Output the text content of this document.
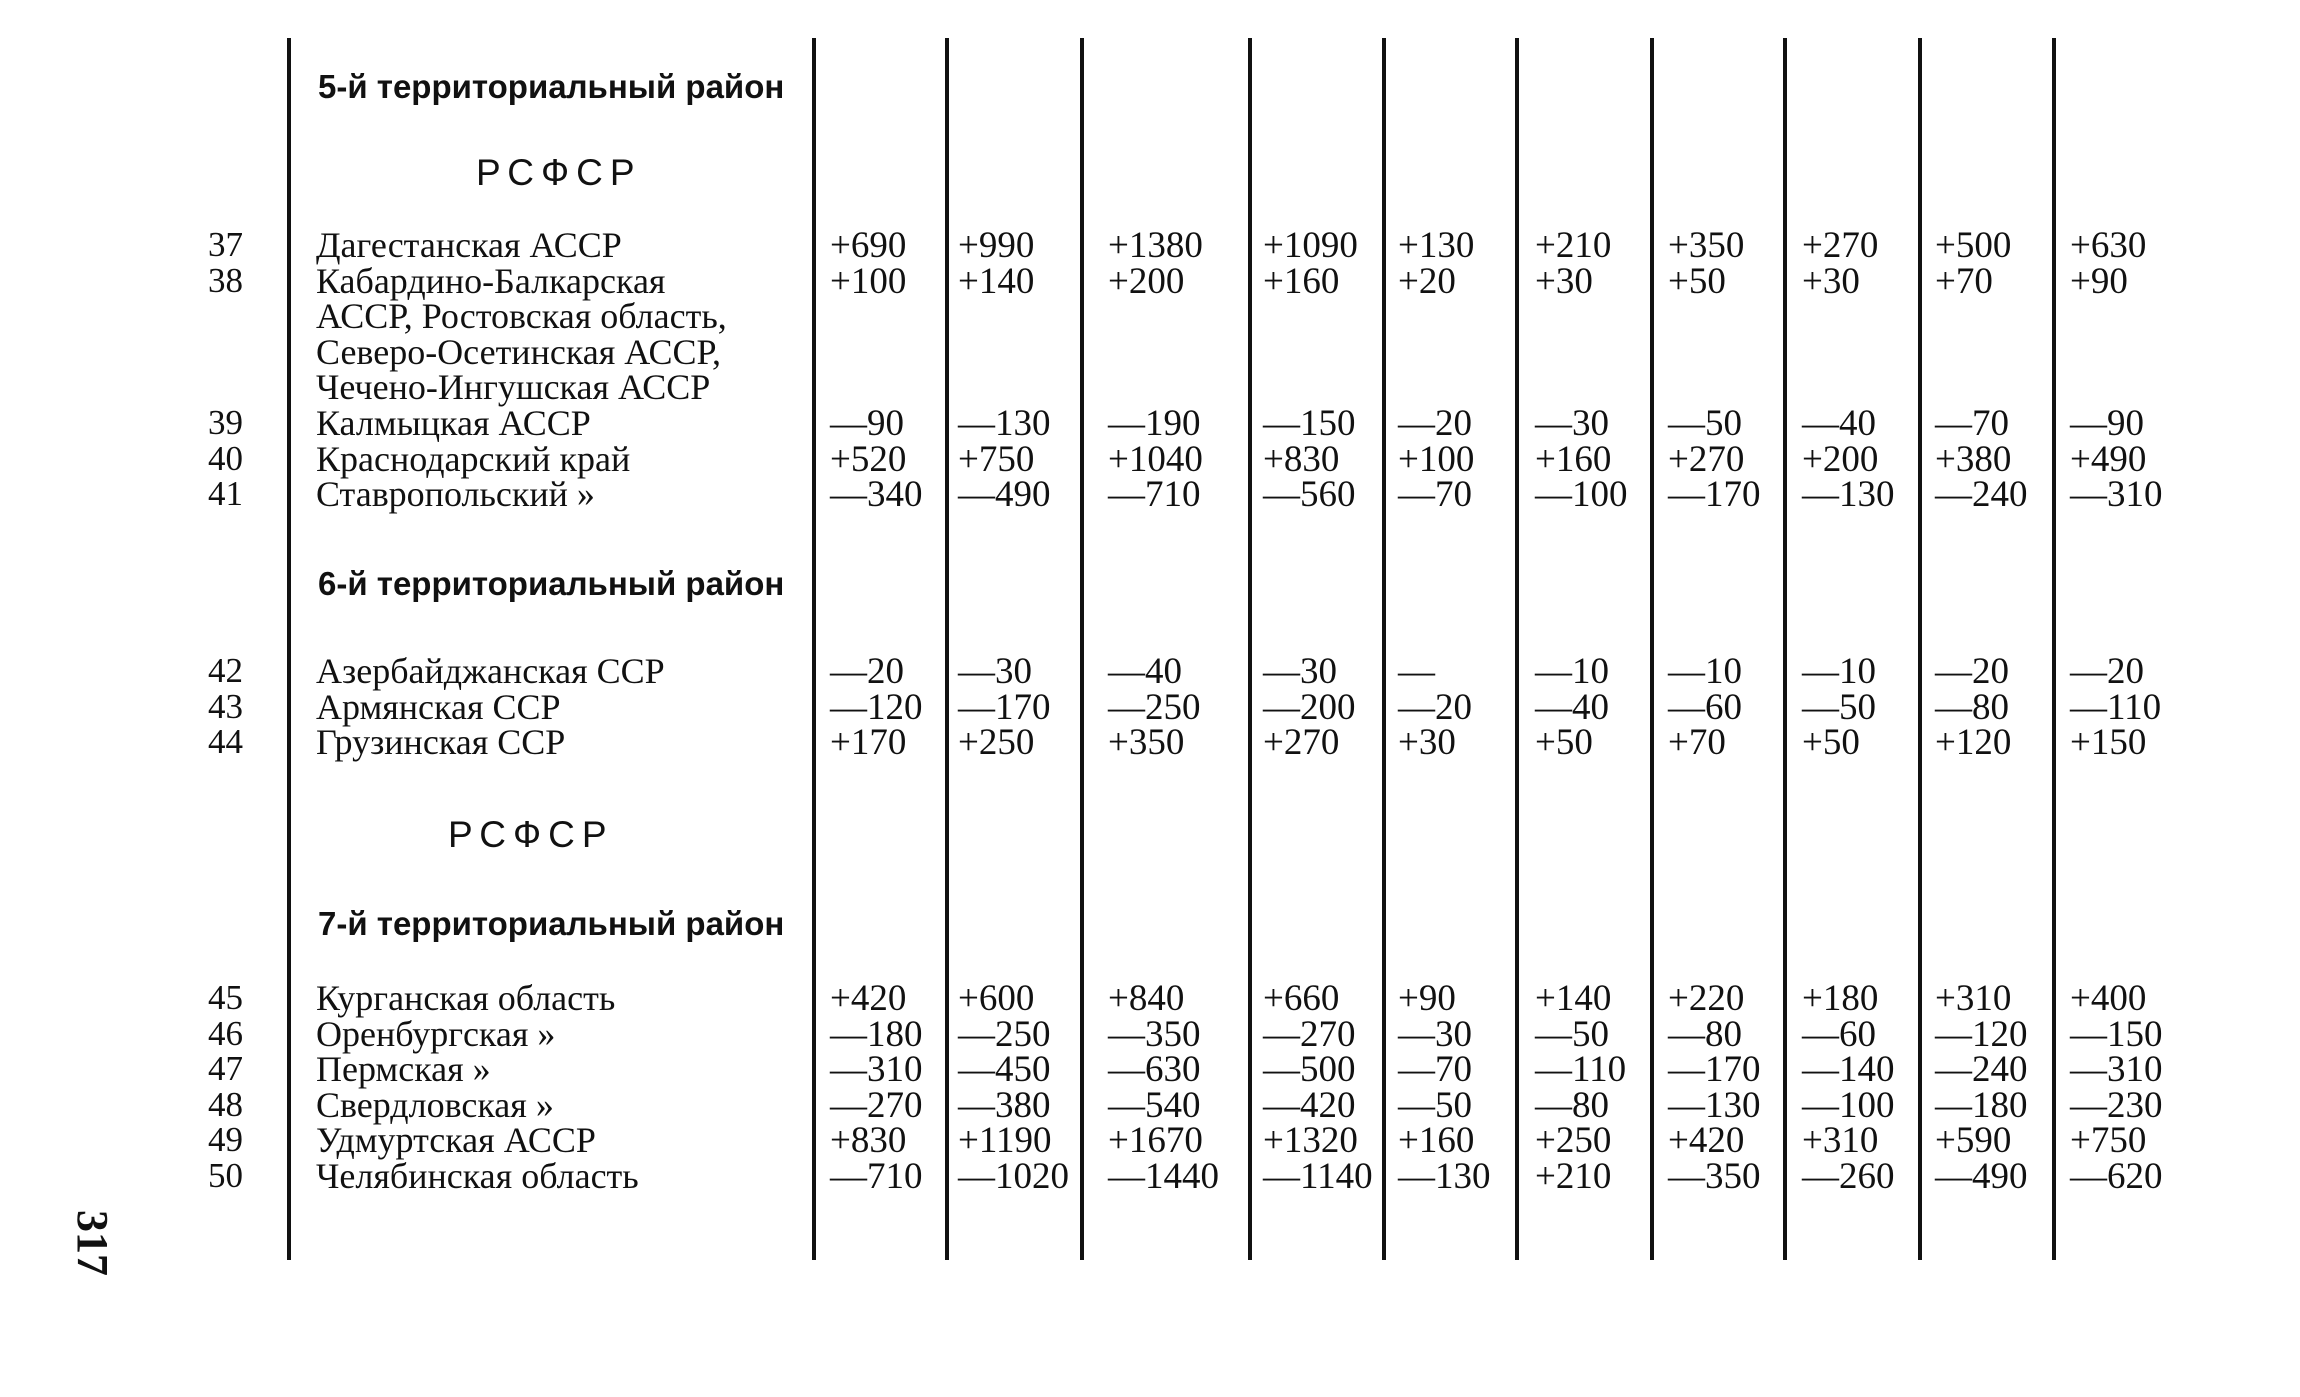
317
5-й территориальный район
РСФСР
37 Дагестанская АССР	+690 +990 +1380 +1090 +130 +210 +350 +270 +500 +630
38 Кабардино-Балкарская	+100 +140 +200 +160 +20 +30 +50 +30 +70 +90
АССР, Ростовская область,
Северо-Осетинская АССР,
Чечено-Ингушская АССР
39 Калмыцкая АССР	—90 —130 —190 —150 —20 —30 —50 —40 —70 —90
40 Краснодарский край	+520 +750 +1040 +830 +100 +160 +270 +200 +380 +490
41 Ставропольский »	—340 —490 —710 —560 —70 —100 —170 —130 —240 —310
6-й территориальный район
42 Азербайджанская ССР	—20 —30 —40 —30 —	—10 —10 —10 —20 —20
43 Армянская ССР	—120 —170 —250 —200 —20 —40 —60 —50 —80 —110
44 Грузинская ССР	+170 +250 +350 +270 +30 +50 +70 +50 +120 +150
РСФСР
7-й территориальный район
45 Курганская область	+420 +600 +840 +660 +90 +140 +220 +180 +310 +400
46 Оренбургская »	—180 —250 —350 —270 —30 —50 —80 —60 —120 —150
47 Пермская »	—310 —450 —630 —500 —70 —110 —170 —140 —240 —310
48 Свердловская »	—270 —380 —540 —420 —50 —80 —130 —100 —180 —230
49 Удмуртская АССР	+830 +1190 +1670 +1320 +160 +250 +420 +310 +590 +750
50 Челябинская область	—710 —1020 —1440 —1140 —130 +210 —350 —260 —490 —620
